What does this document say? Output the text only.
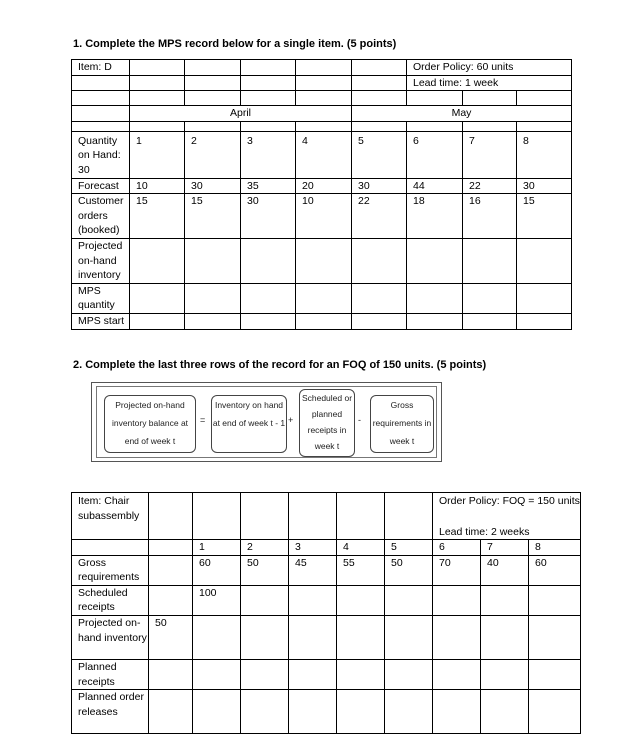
1. Complete the MPS record below for a single item. (5 points)
Item: D						Order Policy: 60 units		
						Lead time: 1 week		

	April				May			

Quantity on Hand: 30	1	2	3	4	5	6	7	8
Forecast	10	30	35	20	30	44	22	30
Customer orders (booked)	15	15	30	10	22	18	16	15
Projected on-hand inventory								
MPS quantity								
MPS start								
2. Complete the last three rows of the record for an FOQ of 150 units. (5 points)
Projected on-hand inventory balance at end of week t
=
Inventory on hand at end of week t - 1 +
Scheduled or planned receipts in week t
-
Gross requirements in week t
Item: Chair subassembly							Order Policy: FOQ = 150 units		
							Lead time: 2 weeks		
		1	2	3	4	5	6	7	8
Gross requirements		60	50	45	55	50	70	40	60
Scheduled receipts		100							
Projected on-hand inventory	50								
Planned receipts									
Planned order releases									
